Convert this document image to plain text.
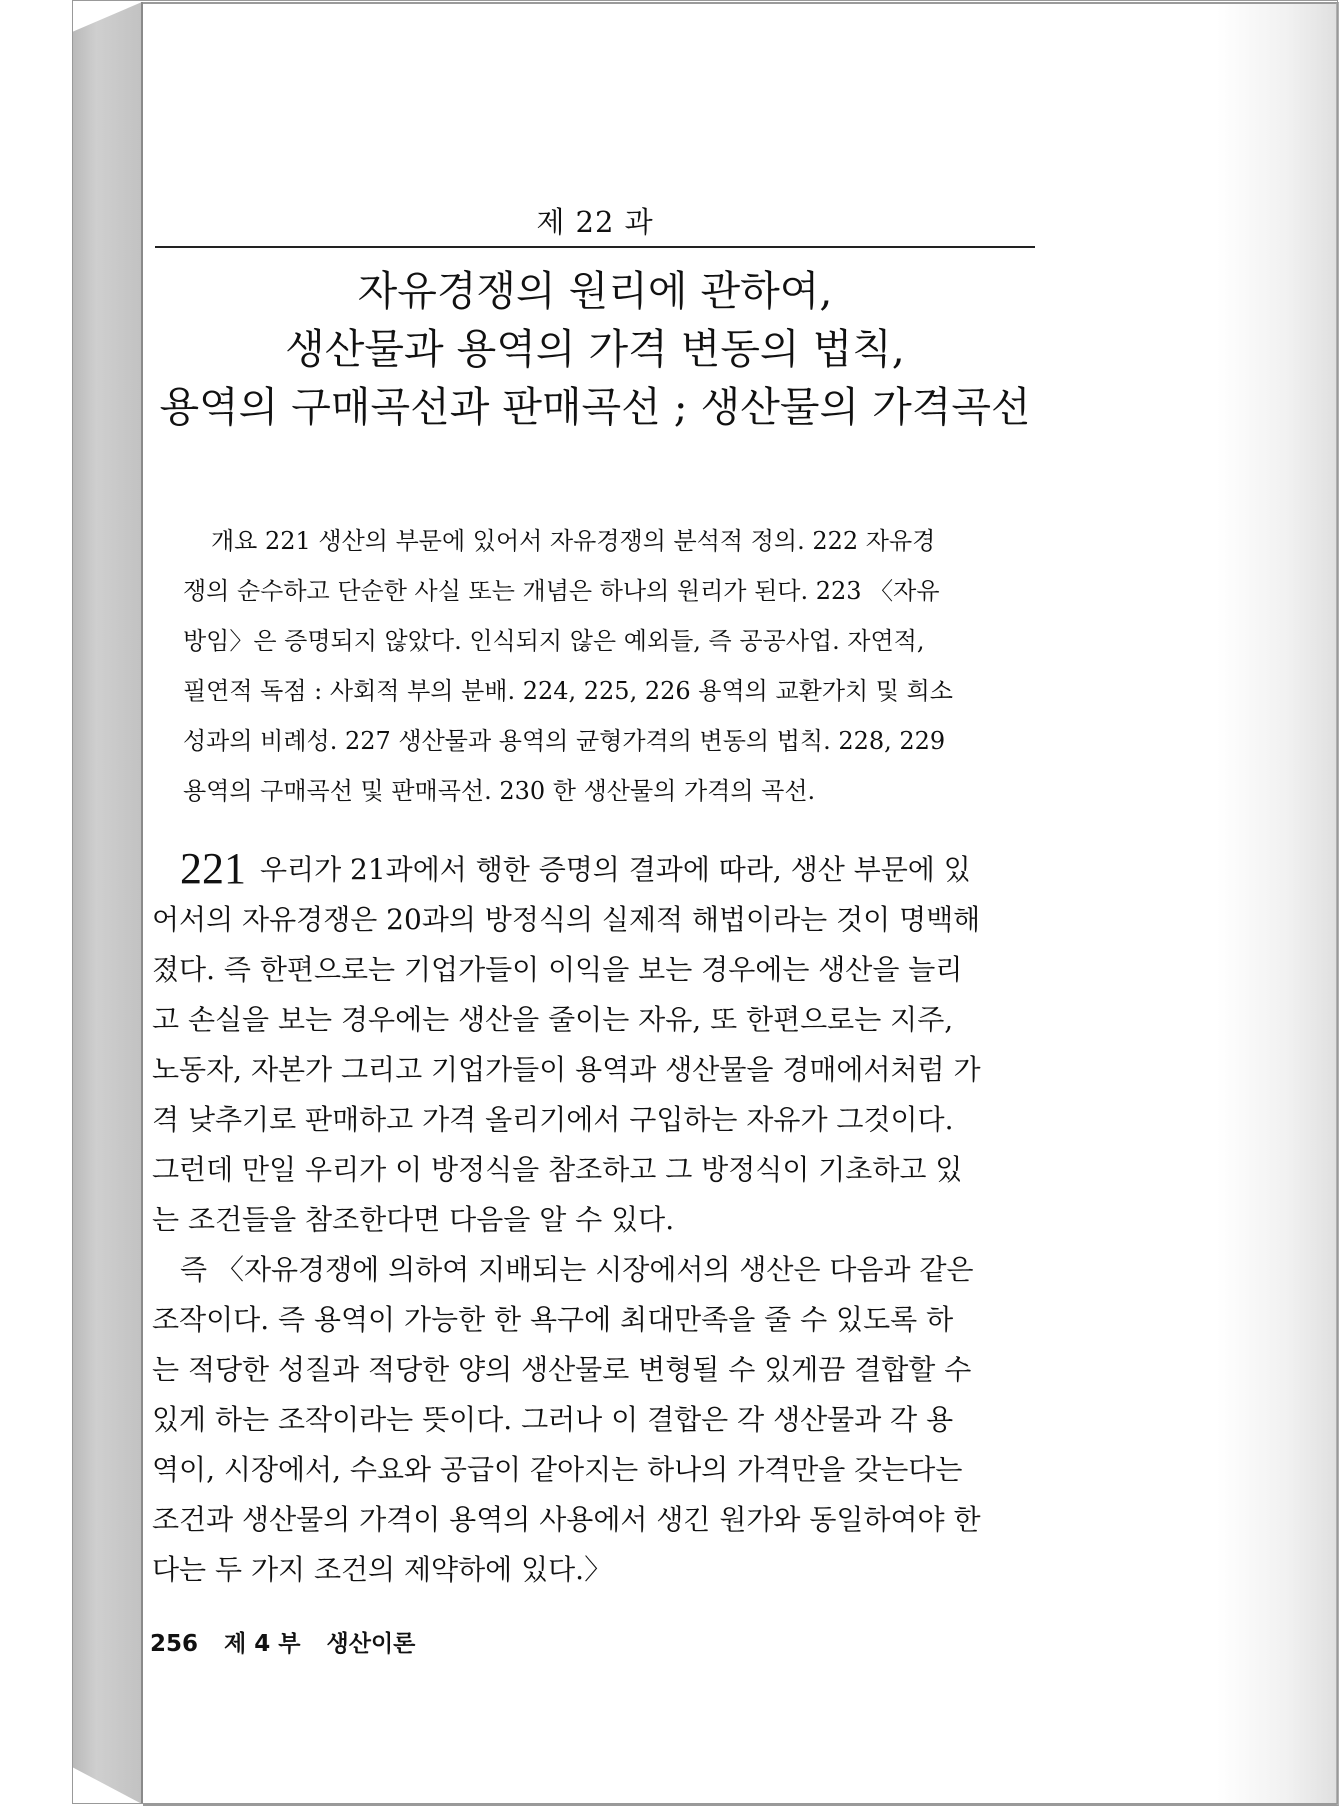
제 22 과
자유경쟁의 원리에 관하여,
생산물과 용역의 가격 변동의 법칙,
용역의 구매곡선과 판매곡선 ; 생산물의 가격곡선
개요 221 생산의 부문에 있어서 자유경쟁의 분석적 정의. 222 자유경
쟁의 순수하고 단순한 사실 또는 개념은 하나의 원리가 된다. 223 〈자유
방임〉은 증명되지 않았다. 인식되지 않은 예외들, 즉 공공사업. 자연적,
필연적 독점 : 사회적 부의 분배. 224, 225, 226 용역의 교환가치 및 희소
성과의 비례성. 227 생산물과 용역의 균형가격의 변동의 법칙. 228, 229
용역의 구매곡선 및 판매곡선. 230 한 생산물의 가격의 곡선.
221 우리가 21과에서 행한 증명의 결과에 따라, 생산 부문에 있
어서의 자유경쟁은 20과의 방정식의 실제적 해법이라는 것이 명백해
졌다. 즉 한편으로는 기업가들이 이익을 보는 경우에는 생산을 늘리
고 손실을 보는 경우에는 생산을 줄이는 자유, 또 한편으로는 지주,
노동자, 자본가 그리고 기업가들이 용역과 생산물을 경매에서처럼 가
격 낮추기로 판매하고 가격 올리기에서 구입하는 자유가 그것이다.
그런데 만일 우리가 이 방정식을 참조하고 그 방정식이 기초하고 있
는 조건들을 참조한다면 다음을 알 수 있다.
즉 〈자유경쟁에 의하여 지배되는 시장에서의 생산은 다음과 같은
조작이다. 즉 용역이 가능한 한 욕구에 최대만족을 줄 수 있도록 하
는 적당한 성질과 적당한 양의 생산물로 변형될 수 있게끔 결합할 수
있게 하는 조작이라는 뜻이다. 그러나 이 결합은 각 생산물과 각 용
역이, 시장에서, 수요와 공급이 같아지는 하나의 가격만을 갖는다는
조건과 생산물의 가격이 용역의 사용에서 생긴 원가와 동일하여야 한
다는 두 가지 조건의 제약하에 있다.〉
256 제 4 부 생산이론
